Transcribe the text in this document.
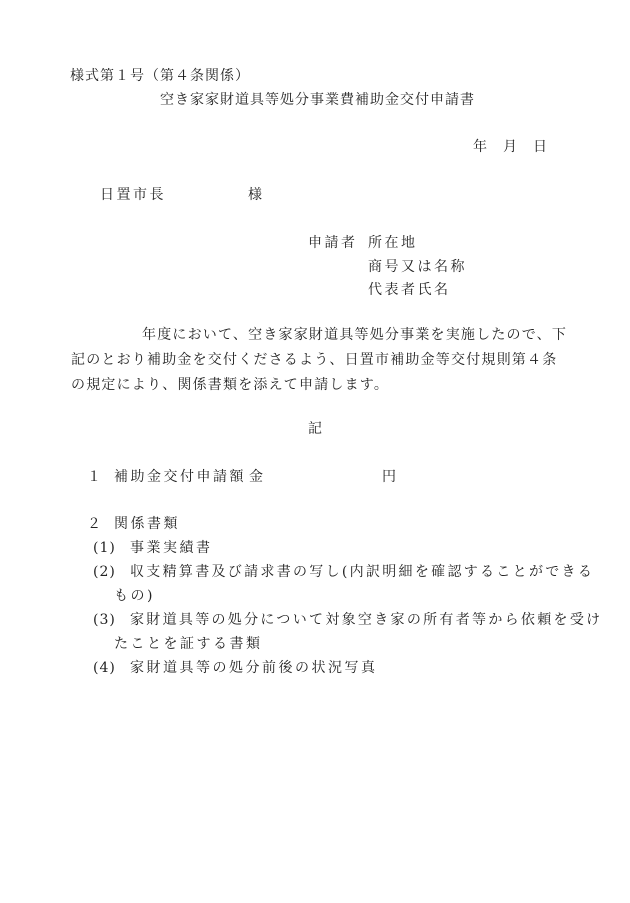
様式第１号（第４条関係）
空き家家財道具等処分事業費補助金交付申請書
年 月 日
日置市長	様
申請者 所在地
商号又は名称
代表者氏名
年度において、空き家家財道具等処分事業を実施したので、下
記のとおり補助金を交付くださるよう、日置市補助金等交付規則第４条
の規定により、関係書類を添えて申請します。
記
１ 補助金交付申請額 金	円
２ 関係書類
(1) 事業実績書
(2) 収支精算書及び請求書の写し(内訳明細を確認することができる
もの)
(3) 家財道具等の処分について対象空き家の所有者等から依頼を受け
たことを証する書類
(4) 家財道具等の処分前後の状況写真
